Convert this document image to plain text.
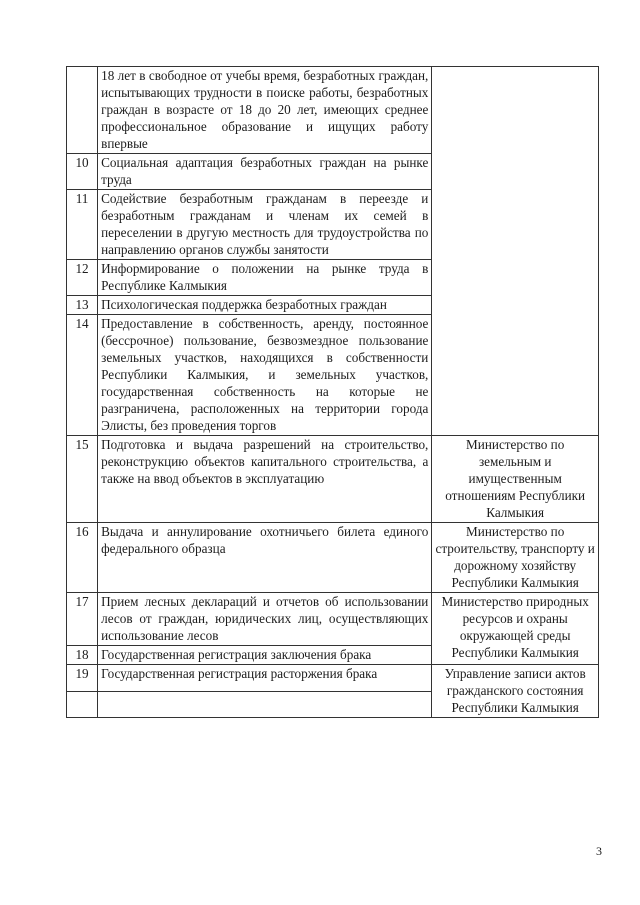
	18 лет в свободное от учебы время, безработных граждан, испытывающих трудности в поиске работы, безработных граждан в возрасте от 18 до 20 лет, имеющих среднее профессиональное образование и ищущих работу впервые	
10	Социальная адаптация безработных граждан на рынке труда	
11	Содействие безработным гражданам в переезде и безработным гражданам и членам их семей в переселении в другую местность для трудоустройства по направлению органов службы занятости	
12	Информирование о положении на рынке труда в Республике Калмыкия	
13	Психологическая поддержка безработных граждан	
14	Предоставление в собственность, аренду, постоянное (бессрочное) пользование, безвозмездное пользование земельных участков, находящихся в собственности Республики Калмыкия, и земельных участков, государственная собственность на которые не разграничена, расположенных на территории города Элисты, без проведения торгов	
15	Подготовка и выдача разрешений на строительство, реконструкцию объектов капитального строительства, а также на ввод объектов в эксплуатацию	Министерство по земельным и имущественным отношениям Республики Калмыкия
16	Выдача и аннулирование охотничьего билета единого федерального образца	Министерство по строительству, транспорту и дорожному хозяйству Республики Калмыкия
17	Прием лесных деклараций и отчетов об использовании лесов от граждан, юридических лиц, осуществляющих использование лесов	Министерство природных ресурсов и охраны окружающей среды Республики Калмыкия
18	Государственная регистрация заключения брака	
19	Государственная регистрация расторжения брака	Управление записи актов гражданского состояния Республики Калмыкия

3
